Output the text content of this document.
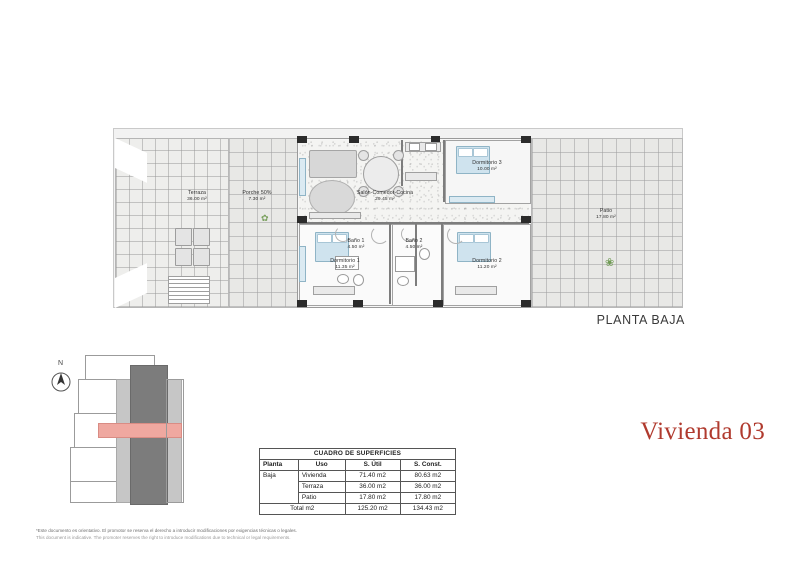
✿
❀
Terraza
36.00 m²
Porche 50%
7.30 m²
Salón-Comedor-Cocina
29.45 m²
Dormitorio 3
10.00 m²
Patio
17.80 m²
Dormitorio 1
11.35 m²
Baño 1
4.50 m²
Baño 2
4.50 m²
Dormitorio 2
11.20 m²
PLANTA BAJA
N
Vivienda 03
CUADRO DE SUPERFICIES			
Planta	Uso	S. Útil	S. Const.
Baja	Vivienda	71.40 m2	80.63 m2
	Terraza	36.00 m2	36.00 m2
	Patio	17.80 m2	17.80 m2
Total m2		125.20 m2	134.43 m2
*Este documento es orientativo. El promotor se reserva el derecho a introducir modificaciones por exigencias técnicas o legales.
This document is indicative. The promoter reserves the right to introduce modifications due to technical or legal requirements.
